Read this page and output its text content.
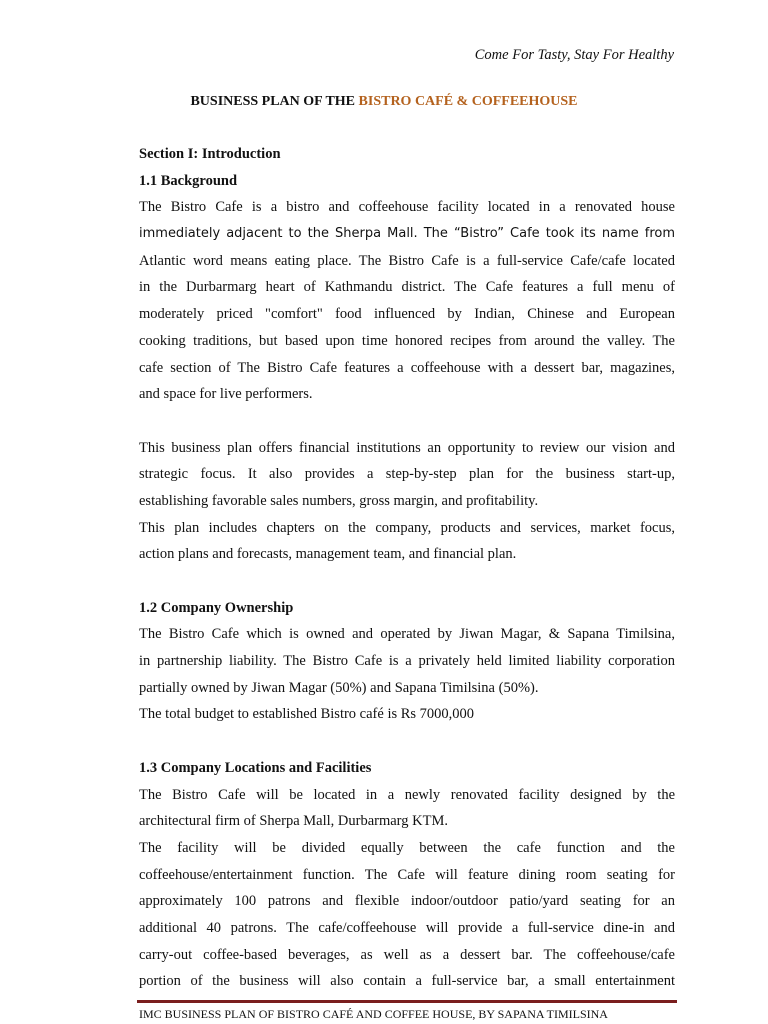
Come For Tasty, Stay For Healthy
BUSINESS PLAN OF THE BISTRO CAFÉ & COFFEEHOUSE
Section I: Introduction
1.1 Background
The Bistro Cafe is a bistro and coffeehouse facility located in a renovated house
immediately adjacent to the Sherpa Mall. The “Bistro” Cafe took its name from
Atlantic word means eating place. The Bistro Cafe is a full-service Cafe/cafe located
in the Durbarmarg heart of Kathmandu district. The Cafe features a full menu of
moderately priced "comfort" food influenced by Indian, Chinese and European
cooking traditions, but based upon time honored recipes from around the valley. The
cafe section of The Bistro Cafe features a coffeehouse with a dessert bar, magazines,
and space for live performers.
This business plan offers financial institutions an opportunity to review our vision and
strategic focus. It also provides a step-by-step plan for the business start-up,
establishing favorable sales numbers, gross margin, and profitability.
This plan includes chapters on the company, products and services, market focus,
action plans and forecasts, management team, and financial plan.
1.2 Company Ownership
The Bistro Cafe which is owned and operated by Jiwan Magar, & Sapana Timilsina,
in partnership liability. The Bistro Cafe is a privately held limited liability corporation
partially owned by Jiwan Magar (50%) and Sapana Timilsina (50%).
The total budget to established Bistro café is Rs 7000,000
1.3 Company Locations and Facilities
The Bistro Cafe will be located in a newly renovated facility designed by the
architectural firm of Sherpa Mall, Durbarmarg KTM.
The facility will be divided equally between the cafe function and the
coffeehouse/entertainment function. The Cafe will feature dining room seating for
approximately 100 patrons and flexible indoor/outdoor patio/yard seating for an
additional 40 patrons. The cafe/coffeehouse will provide a full-service dine-in and
carry-out coffee-based beverages, as well as a dessert bar. The coffeehouse/cafe
portion of the business will also contain a full-service bar, a small entertainment
IMC BUSINESS PLAN OF BISTRO CAFÉ AND COFFEE HOUSE, BY SAPANA TIMILSINA
